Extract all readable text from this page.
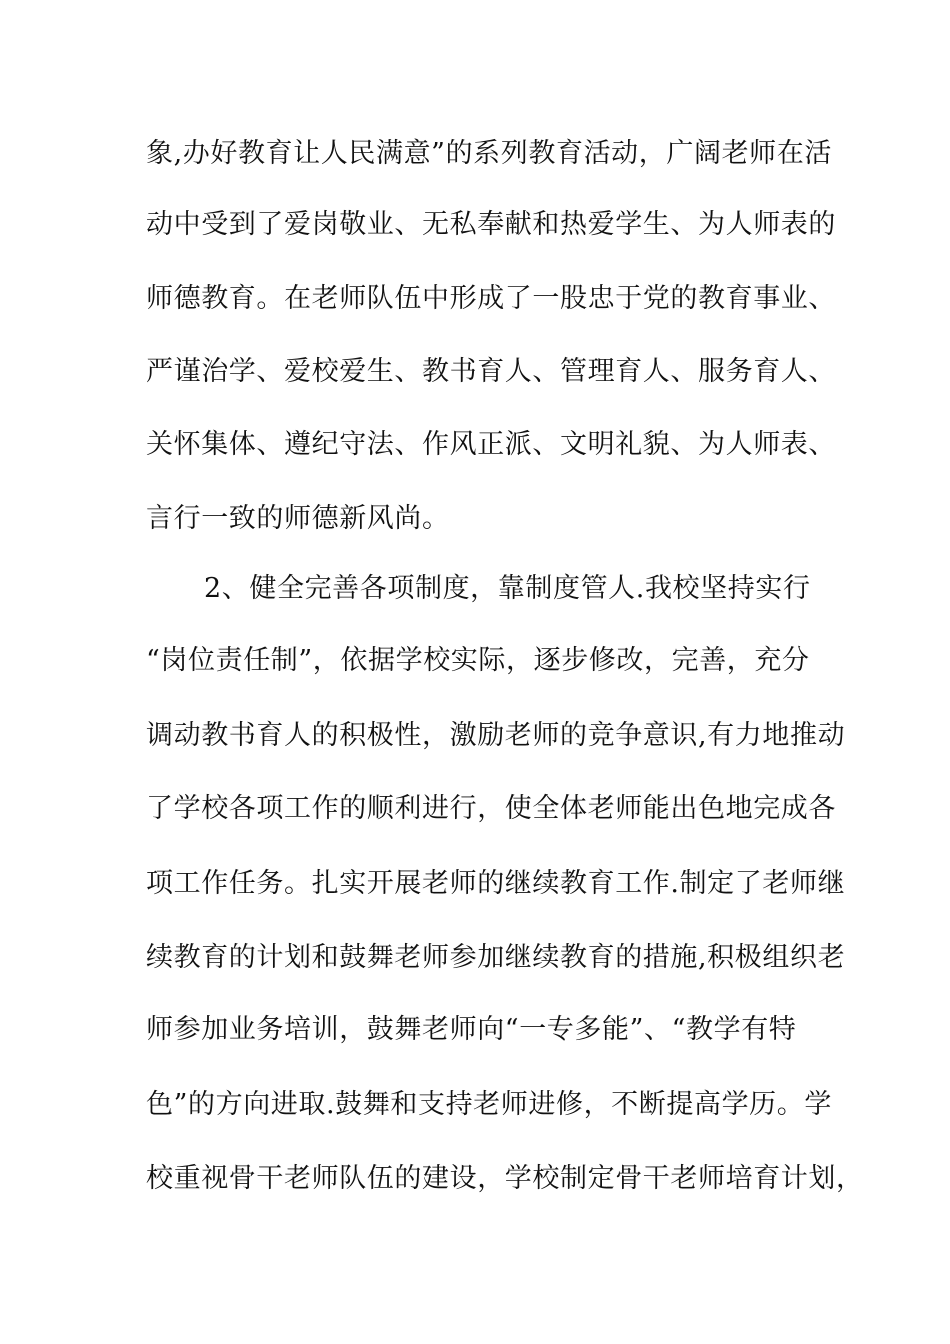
象,办好教育让人民满意”的系列教育活动，广阔老师在活
动中受到了爱岗敬业、无私奉献和热爱学生、为人师表的
师德教育。在老师队伍中形成了一股忠于党的教育事业、
严谨治学、爱校爱生、教书育人、管理育人、服务育人、
关怀集体、遵纪守法、作风正派、文明礼貌、为人师表、
言行一致的师德新风尚。
2、健全完善各项制度，靠制度管人.我校坚持实行
“岗位责任制”，依据学校实际，逐步修改，完善，充分
调动教书育人的积极性，激励老师的竞争意识,有力地推动
了学校各项工作的顺利进行，使全体老师能出色地完成各
项工作任务。扎实开展老师的继续教育工作.制定了老师继
续教育的计划和鼓舞老师参加继续教育的措施,积极组织老
师参加业务培训，鼓舞老师向“一专多能”、“教学有特
色”的方向进取.鼓舞和支持老师进修，不断提高学历。学
校重视骨干老师队伍的建设，学校制定骨干老师培育计划，
